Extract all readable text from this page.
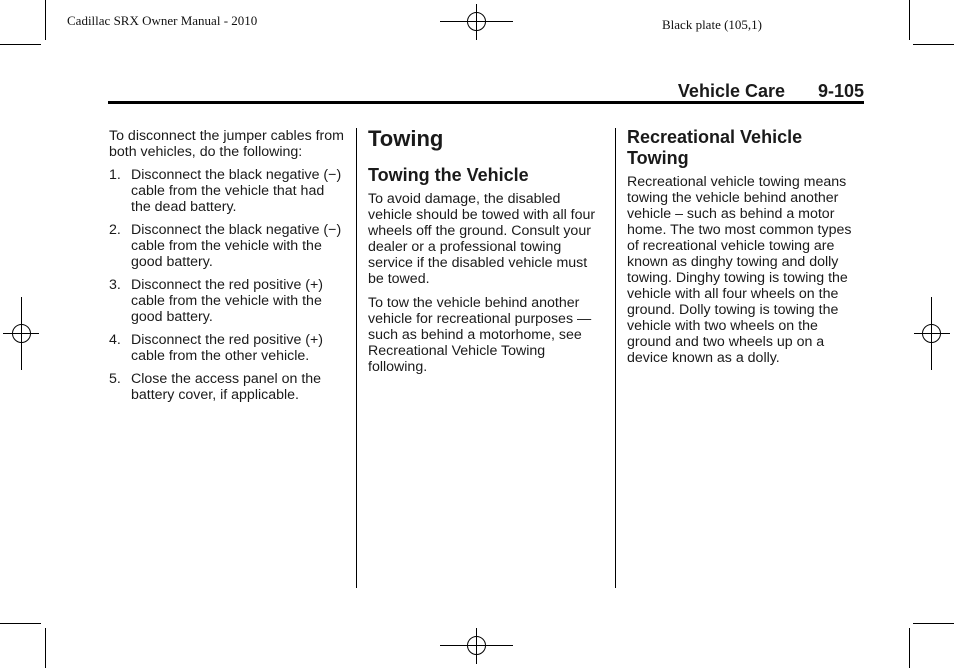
Cadillac SRX Owner Manual - 2010	Black plate (105,1)
Vehicle Care 9-105

To disconnect the jumper cables from both vehicles, do the following:

1. Disconnect the black negative (−) cable from the vehicle that had the dead battery.
2. Disconnect the black negative (−) cable from the vehicle with the good battery.
3. Disconnect the red positive (+) cable from the vehicle with the good battery.
4. Disconnect the red positive (+) cable from the other vehicle.
5. Close the access panel on the battery cover, if applicable.
Towing
Towing the Vehicle

To avoid damage, the disabled vehicle should be towed with all four wheels off the ground. Consult your dealer or a professional towing service if the disabled vehicle must be towed.

To tow the vehicle behind another vehicle for recreational purposes — such as behind a motorhome, see Recreational Vehicle Towing following.

Recreational Vehicle Towing

Recreational vehicle towing means towing the vehicle behind another vehicle – such as behind a motor home. The two most common types of recreational vehicle towing are known as dinghy towing and dolly towing. Dinghy towing is towing the vehicle with all four wheels on the ground. Dolly towing is towing the vehicle with two wheels on the ground and two wheels up on a device known as a dolly.
